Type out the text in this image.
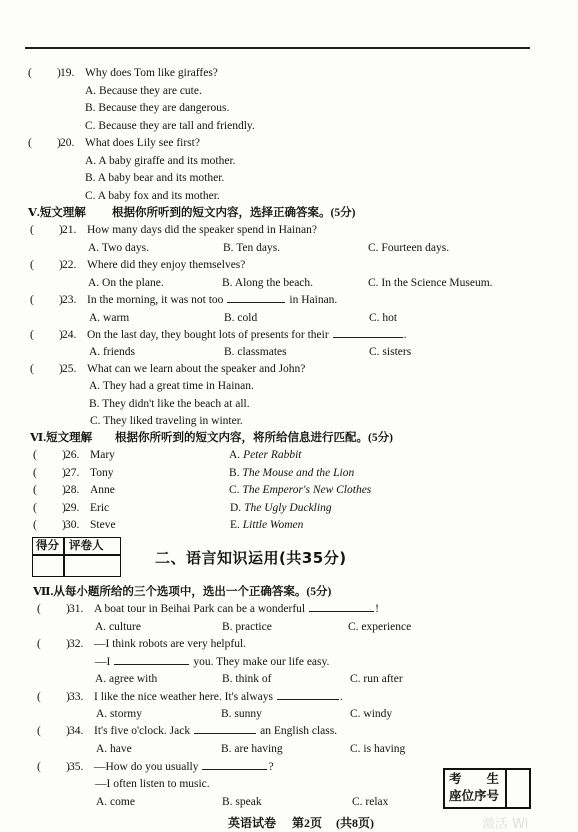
( ) 19. Why does Tom like giraffes?
A. Because they are cute.
B. Because they are dangerous.
C. Because they are tall and friendly.
( ) 20. What does Lily see first?
A. A baby giraffe and its mother.
B. A baby bear and its mother.
C. A baby fox and its mother.
Ⅴ.短文理解 根据你所听到的短文内容，选择正确答案。(5分)
( ) 21. How many days did the speaker spend in Hainan?
A. Two days.	B. Ten days.	C. Fourteen days.
( ) 22. Where did they enjoy themselves?
A. On the plane.	B. Along the beach.	C. In the Science Museum.
( ) 23. In the morning, it was not too	in Hainan.
A. warm	B. cold	C. hot
( ) 24. On the last day, they bought lots of presents for their	.
A. friends	B. classmates	C. sisters
( ) 25. What can we learn about the speaker and John?
A. They had a great time in Hainan.
B. They didn't like the beach at all.
C. They liked traveling in winter.
Ⅵ.短文理解 根据你所听到的短文内容，将所给信息进行匹配。(5分)
( ) 26. Mary	A. Peter Rabbit
( ) 27. Tony	B. The Mouse and the Lion
( ) 28. Anne	C. The Emperor's New Clothes
( ) 29. Eric	D. The Ugly Duckling
( ) 30. Steve	E. Little Women
得分 评卷人
二、语言知识运用(共35分)
Ⅶ.从每小题所给的三个选项中，选出一个正确答案。(5分)
( ) 31. A boat tour in Beihai Park can be a wonderful	!
A. culture	B. practice	C. experience
( ) 32. —I think robots are very helpful.
—I	you. They make our life easy.
A. agree with	B. think of	C. run after
( ) 33. I like the nice weather here. It's always	.
A. stormy	B. sunny	C. windy
( ) 34. It's five o'clock. Jack	an English class.
A. have	B. are having	C. is having
( ) 35. —How do you usually	?
—I often listen to music.
A. come	B. speak	C. relax
考　　生
座位序号
英语试卷 第2页 (共8页)	激活 Wi
